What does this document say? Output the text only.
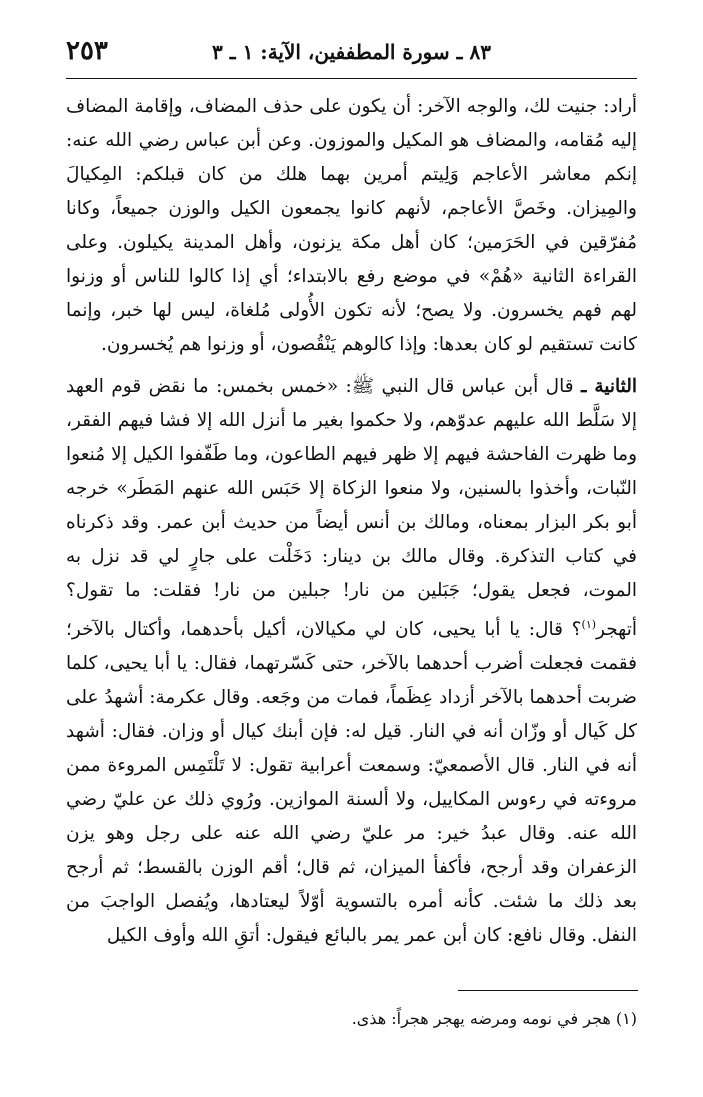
٢٥٣	٨٣ ـ سورة المطففين، الآية: ١ ـ ٣

أراد: جنيت لك، والوجه الآخر: أن يكون على حذف المضاف، وإقامة المضاف إليه مُقامه، والمضاف هو المكيل والموزون. وعن أبن عباس رضي الله عنه: إنكم معاشر الأعاجم وَلِيتم أمرين بهما هلك من كان قبلكم: المِكيالَ والمِيزان. وخَصَّ الأعاجم، لأنهم كانوا يجمعون الكيل والوزن جميعاً، وكانا مُفرّقين في الحَرَمين؛ كان أهل مكة يزنون، وأهل المدينة يكيلون. وعلى القراءة الثانية «هُمْ» في موضع رفع بالابتداء؛ أي إذا كالوا للناس أو وزنوا لهم فهم يخسرون. ولا يصح؛ لأنه تكون الأُولى مُلغاة، ليس لها خبر، وإنما كانت تستقيم لو كان بعدها: وإذا كالوهم يَنْقُصون، أو وزنوا هم يُخسرون.

الثانية ـ قال أبن عباس قال النبي ﷺ: «خمس بخمس: ما نقض قوم العهد إلا سَلَّط الله عليهم عدوّهم، ولا حكموا بغير ما أنزل الله إلا فشا فيهم الفقر، وما ظهرت الفاحشة فيهم إلا ظهر فيهم الطاعون، وما طَفّفوا الكيل إلا مُنعوا النّبات، وأخذوا بالسنين، ولا منعوا الزكاة إلا حَبَس الله عنهم المَطَر» خرجه أبو بكر البزار بمعناه، ومالك بن أنس أيضاً من حديث أبن عمر. وقد ذكرناه في كتاب التذكرة. وقال مالك بن دينار: دَخَلْت على جارٍ لي قد نزل به الموت، فجعل يقول؛ جَبَلين من نار! جبلين من نار! فقلت: ما تقول؟ أتهجر$^{(١)}$؟ قال: يا أبا يحيى، كان لي مكيالان، أكيل بأحدهما، وأكتال بالآخر؛ فقمت فجعلت أضرب أحدهما بالآخر، حتى كَسّرتهما، فقال: يا أبا يحيى، كلما ضربت أحدهما بالآخر أزداد عِظَماً، فمات من وجَعه. وقال عكرمة: أشهدُ على كل كَيال أو وزّان أنه في النار. قيل له: فإن أبنك كيال أو وزان. فقال: أشهد أنه في النار. قال الأصمعيّ: وسمعت أعرابية تقول: لا تَلْتَمِس المروءة ممن مروءته في رءوس المكاييل، ولا ألسنة الموازين. ورُوي ذلك عن عليّ رضي الله عنه. وقال عبدُ خير: مر عليّ رضي الله عنه على رجل وهو يزن الزعفران وقد أرجح، فأكفأ الميزان، ثم قال؛ أقم الوزن بالقسط؛ ثم أرجح بعد ذلك ما شئت. كأنه أمره بالتسوية أوّلاً ليعتادها، ويُفصل الواجبَ من النفل. وقال نافع: كان أبن عمر يمر بالبائع فيقول: أتقِ الله وأوف الكيل

(١) هجر في نومه ومرضه يهجر هجراً: هذى.
